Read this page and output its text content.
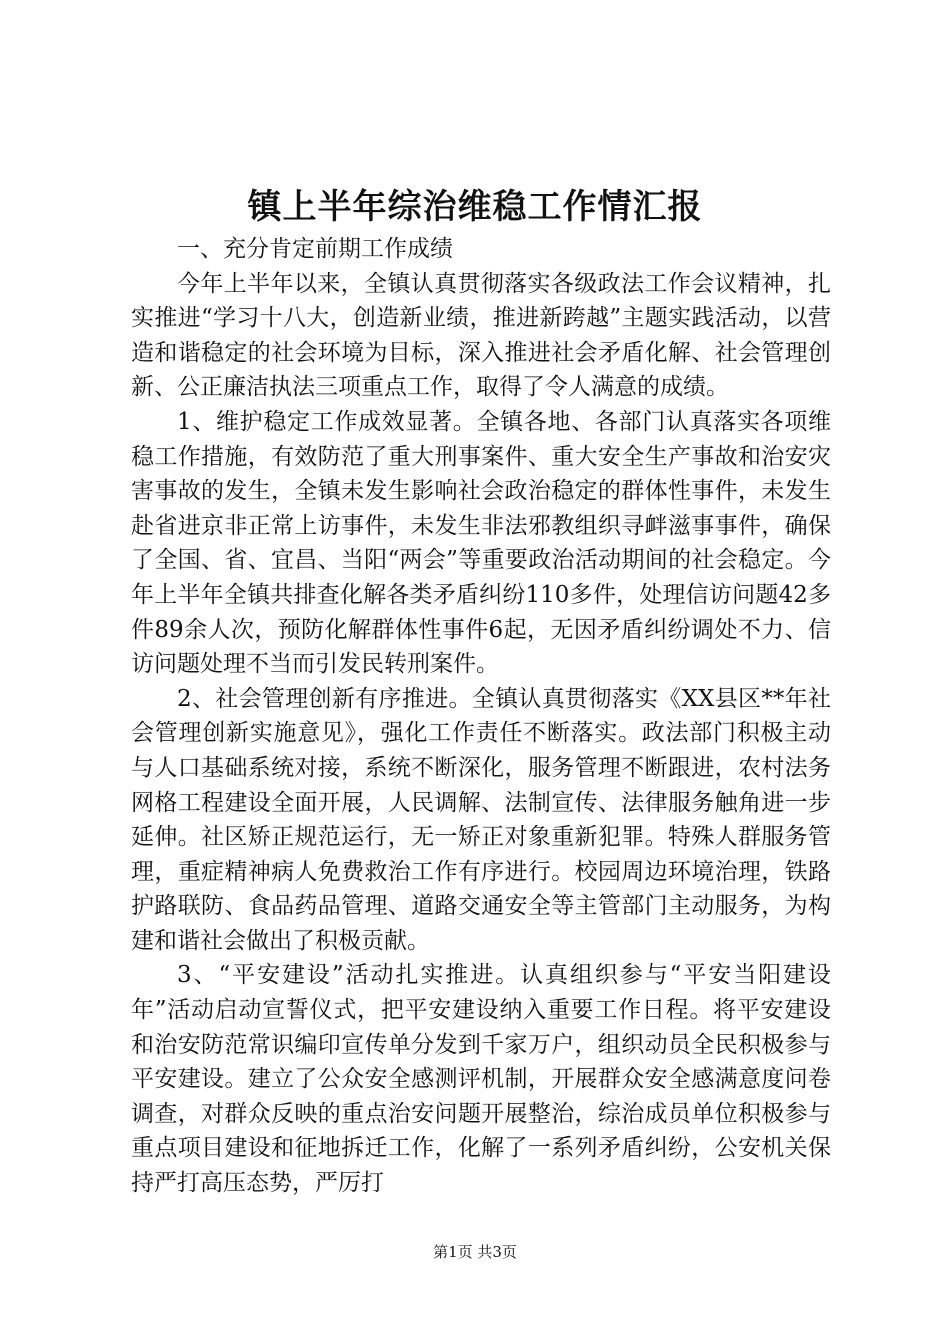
镇上半年综治维稳工作情汇报

一、充分肯定前期工作成绩

今年上半年以来，全镇认真贯彻落实各级政法工作会议精神，扎实推进“学习十八大，创造新业绩，推进新跨越”主题实践活动，以营造和谐稳定的社会环境为目标，深入推进社会矛盾化解、社会管理创新、公正廉洁执法三项重点工作，取得了令人满意的成绩。

1、维护稳定工作成效显著。全镇各地、各部门认真落实各项维稳工作措施，有效防范了重大刑事案件、重大安全生产事故和治安灾害事故的发生，全镇未发生影响社会政治稳定的群体性事件，未发生赴省进京非正常上访事件，未发生非法邪教组织寻衅滋事事件，确保了全国、省、宜昌、当阳“两会”等重要政治活动期间的社会稳定。今年上半年全镇共排查化解各类矛盾纠纷110多件，处理信访问题42多件89余人次，预防化解群体性事件6起，无因矛盾纠纷调处不力、信访问题处理不当而引发民转刑案件。

2、社会管理创新有序推进。全镇认真贯彻落实《XX县区**年社会管理创新实施意见》，强化工作责任不断落实。政法部门积极主动与人口基础系统对接，系统不断深化，服务管理不断跟进，农村法务网格工程建设全面开展，人民调解、法制宣传、法律服务触角进一步延伸。社区矫正规范运行，无一矫正对象重新犯罪。特殊人群服务管理，重症精神病人免费救治工作有序进行。校园周边环境治理，铁路护路联防、食品药品管理、道路交通安全等主管部门主动服务，为构建和谐社会做出了积极贡献。

3、“平安建设”活动扎实推进。认真组织参与“平安当阳建设年”活动启动宣誓仪式，把平安建设纳入重要工作日程。将平安建设和治安防范常识编印宣传单分发到千家万户，组织动员全民积极参与平安建设。建立了公众安全感测评机制，开展群众安全感满意度问卷调查，对群众反映的重点治安问题开展整治，综治成员单位积极参与重点项目建设和征地拆迁工作，化解了一系列矛盾纠纷，公安机关保持严打高压态势，严厉打

第1页 共3页
